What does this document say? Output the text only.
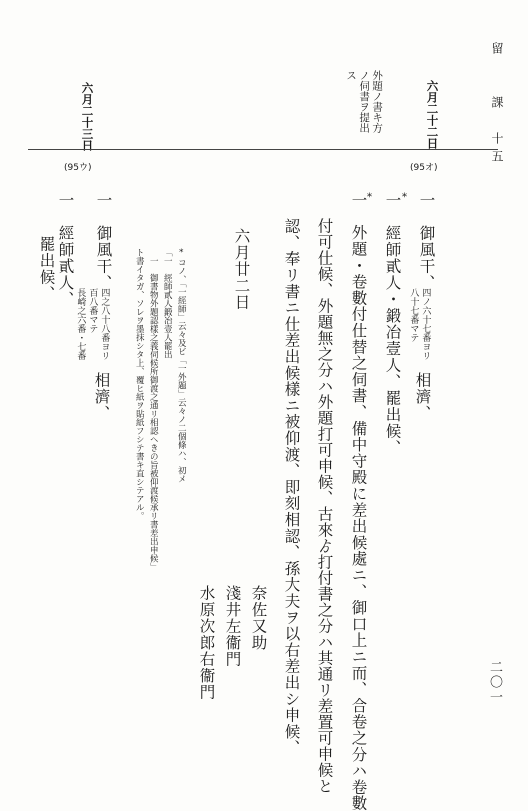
留　　課　十五
二〇一
六月二十二日
外題ノ書キ方
ノ伺書ヲ提出
ス
六月二十三日
(95オ)
(95ウ)
一　御風干、
四ノ六十七番ヨリ
八十七番マテ
相濟、
*
一　經師貳人・鍛冶壹人、罷出候、
*
一　外題・卷數付仕替之伺書、備中守殿に差出候處ニ、御口上ニ而、合卷之分ハ卷數
付可仕候、外題無之分ハ外題打可申候、古來ゟ打付書之分ハ其通リ差置可申候と
認、奉リ書ニ仕差出候樣ニ被仰渡、即刻相認、孫大夫ヲ以右差出シ申候、
六月廿二日
奈佐又助
淺井左衞門
水原次郎右衞門
*コノ、「一經師」云々及ビ「一外題」云々ノ二個條ハ、初メ
「一　經師貳人鍛冶壹人罷出
　一　御書物外題認樣之義伺候所御渡之通リ相認ヘきの旨被仰渡候承リ書差出申候」
ト書イタガ、ソレヲ墨抹シタ上、覆ヒ紙ヲ貼紙フシテ書キ直シテアル。
一　御風干、
四之八十八番ヨリ
百八番マテ
長崎之六番・七番
相濟、
一　經師貳人、
罷出候、
